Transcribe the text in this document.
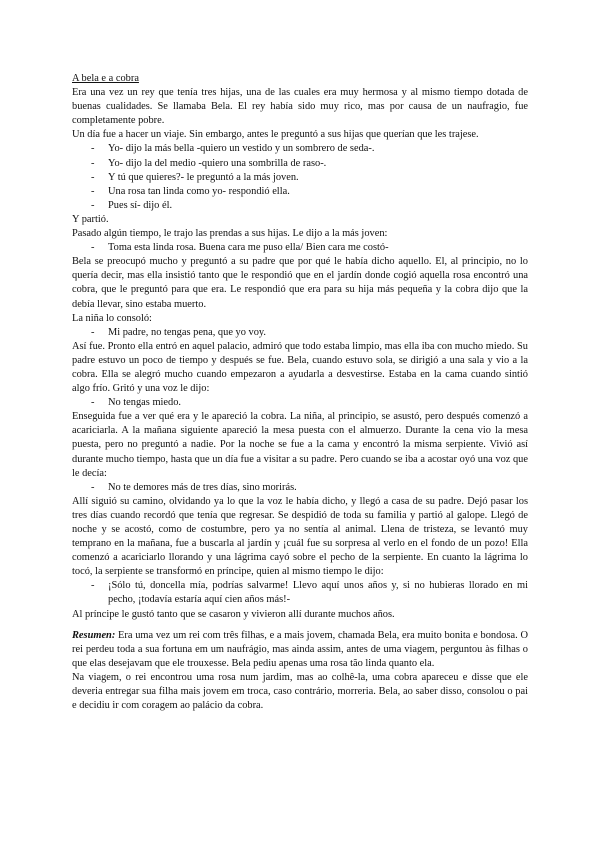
A bela e a cobra

Era una vez un rey que tenía tres hijas, una de las cuales era muy hermosa y al mismo tiempo dotada de buenas cualidades. Se llamaba Bela. El rey había sido muy rico, mas por causa de un naufragio, fue completamente pobre.

Un día fue a hacer un viaje. Sin embargo, antes le preguntó a sus hijas que querían que les trajese.

- Yo- dijo la más bella -quiero un vestido y un sombrero de seda-.

- Yo- dijo la del medio -quiero una sombrilla de raso-.

- Y tú que quieres?- le preguntó a la más joven.

- Una rosa tan linda como yo- respondió ella.

- Pues sí- dijo él.

Y partió.

Pasado algún tiempo, le trajo las prendas a sus hijas. Le dijo a la más joven:

- Toma esta linda rosa. Buena cara me puso ella/ Bien cara me costó-

Bela se preocupó mucho y preguntó a su padre que por qué le había dicho aquello. El, al principio, no lo quería decir, mas ella insistió tanto que le respondió que en el jardín donde cogió aquella rosa encontró una cobra, que le preguntó para que era. Le respondió que era para su hija más pequeña y la cobra dijo que la debía llevar, sino estaba muerto.

La niña lo consoló:

- Mi padre, no tengas pena, que yo voy.

Así fue. Pronto ella entró en aquel palacio, admiró que todo estaba limpio, mas ella iba con mucho miedo. Su padre estuvo un poco de tiempo y después se fue. Bela, cuando estuvo sola, se dirigió a una sala y vio a la cobra. Ella se alegró mucho cuando empezaron a ayudarla a desvestirse. Estaba en la cama cuando sintió algo frío. Gritó y una voz le dijo:

- No tengas miedo.

Enseguida fue a ver qué era y le apareció la cobra. La niña, al principio, se asustó, pero después comenzó a acariciarla. A la mañana siguiente apareció la mesa puesta con el almuerzo. Durante la cena vio la mesa puesta, pero no preguntó a nadie. Por la noche se fue a la cama y encontró la misma serpiente. Vivió así durante mucho tiempo, hasta que un día fue a visitar a su padre. Pero cuando se iba a acostar oyó una voz que le decía:

- No te demores más de tres días, sino morirás.

Allí siguió su camino, olvidando ya lo que la voz le había dicho, y llegó a casa de su padre. Dejó pasar los tres días cuando recordó que tenía que regresar. Se despidió de toda su familia y partió al galope. Llegó de noche y se acostó, como de costumbre, pero ya no sentía al animal. Llena de tristeza, se levantó muy temprano en la mañana, fue a buscarla al jardín y ¡cuál fue su sorpresa al verlo en el fondo de un pozo! Ella comenzó a acariciarlo llorando y una lágrima cayó sobre el pecho de la serpiente. En cuanto la lágrima lo tocó, la serpiente se transformó en príncipe, quien al mismo tiempo le dijo:

- ¡Sólo tú, doncella mía, podrías salvarme! Llevo aquí unos años y, si no hubieras llorado en mi pecho, ¡todavía estaría aquí cien años más!-

Al príncipe le gustó tanto que se casaron y vivieron allí durante muchos años.

Resumen: Era uma vez um rei com três filhas, e a mais jovem, chamada Bela, era muito bonita e bondosa. O rei perdeu toda a sua fortuna em um naufrágio, mas ainda assim, antes de uma viagem, perguntou às filhas o que elas desejavam que ele trouxesse. Bela pediu apenas uma rosa tão linda quanto ela.

Na viagem, o rei encontrou uma rosa num jardim, mas ao colhê-la, uma cobra apareceu e disse que ele deveria entregar sua filha mais jovem em troca, caso contrário, morreria. Bela, ao saber disso, consolou o pai e decidiu ir com coragem ao palácio da cobra.
